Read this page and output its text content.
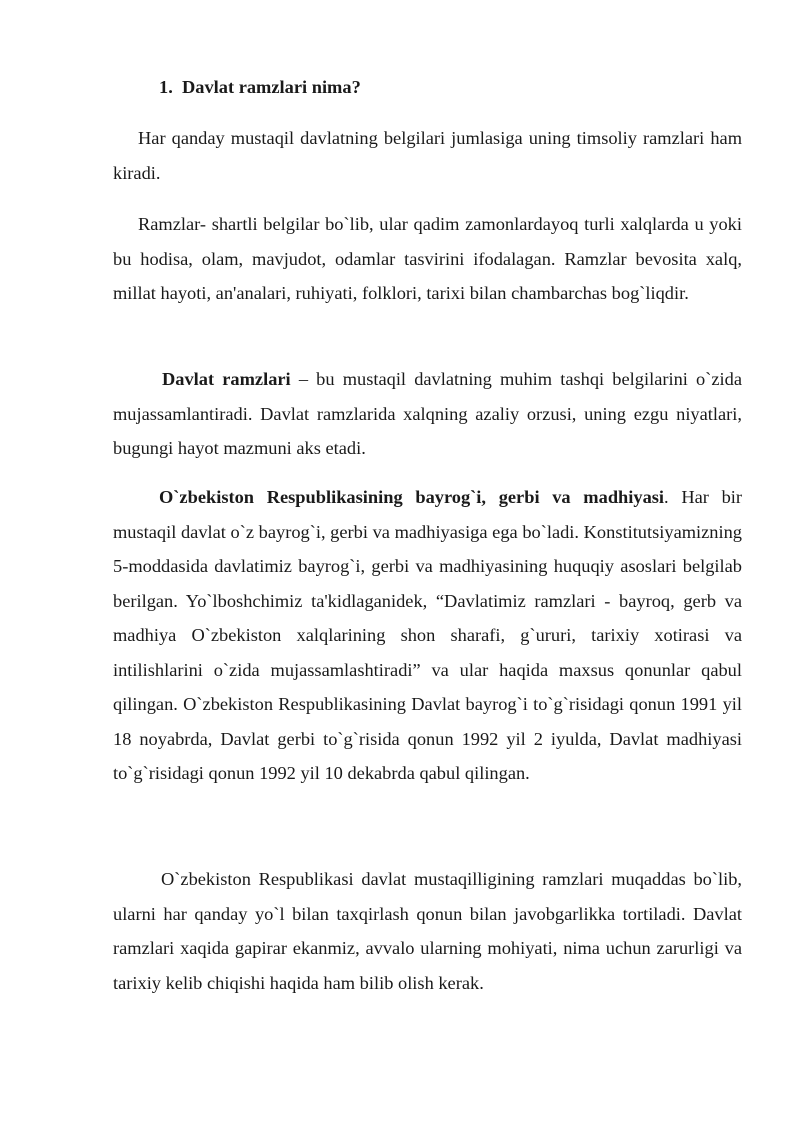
1. Davlat ramzlari nima?

Har qanday mustaqil davlatning belgilari jumlasiga uning timsoliy ramzlari ham kiradi.

Ramzlar- shartli belgilar bo`lib, ular qadim zamonlardayoq turli xalqlarda u yoki bu hodisa, olam, mavjudot, odamlar tasvirini ifodalagan. Ramzlar bevosita xalq, millat hayoti, an'analari, ruhiyati, folklori, tarixi bilan chambarchas bog`liqdir.

Davlat ramzlari – bu mustaqil davlatning muhim tashqi belgilarini o`zida mujassamlantiradi. Davlat ramzlarida xalqning azaliy orzusi, uning ezgu niyatlari, bugungi hayot mazmuni aks etadi.

O`zbekiston Respublikasining bayrog`i, gerbi va madhiyasi. Har bir mustaqil davlat o`z bayrog`i, gerbi va madhiyasiga ega bo`ladi. Konstitutsiyamizning 5-moddasida davlatimiz bayrog`i, gerbi va madhiyasining huquqiy asoslari belgilab berilgan. Yo`lboshchimiz ta'kidlaganidek, “Davlatimiz ramzlari - bayroq, gerb va madhiya O`zbekiston xalqlarining shon sharafi, g`ururi, tarixiy xotirasi va intilishlarini o`zida mujassamlashtiradi” va ular haqida maxsus qonunlar qabul qilingan. O`zbekiston Respublikasining Davlat bayrog`i to`g`risidagi qonun 1991 yil 18 noyabrda, Davlat gerbi to`g`risida qonun 1992 yil 2 iyulda, Davlat madhiyasi to`g`risidagi qonun 1992 yil 10 dekabrda qabul qilingan.

O`zbekiston Respublikasi davlat mustaqilligining ramzlari muqaddas bo`lib, ularni har qanday yo`l bilan taxqirlash qonun bilan javobgarlikka tortiladi. Davlat ramzlari xaqida gapirar ekanmiz, avvalo ularning mohiyati, nima uchun zarurligi va tarixiy kelib chiqishi haqida ham bilib olish kerak.
